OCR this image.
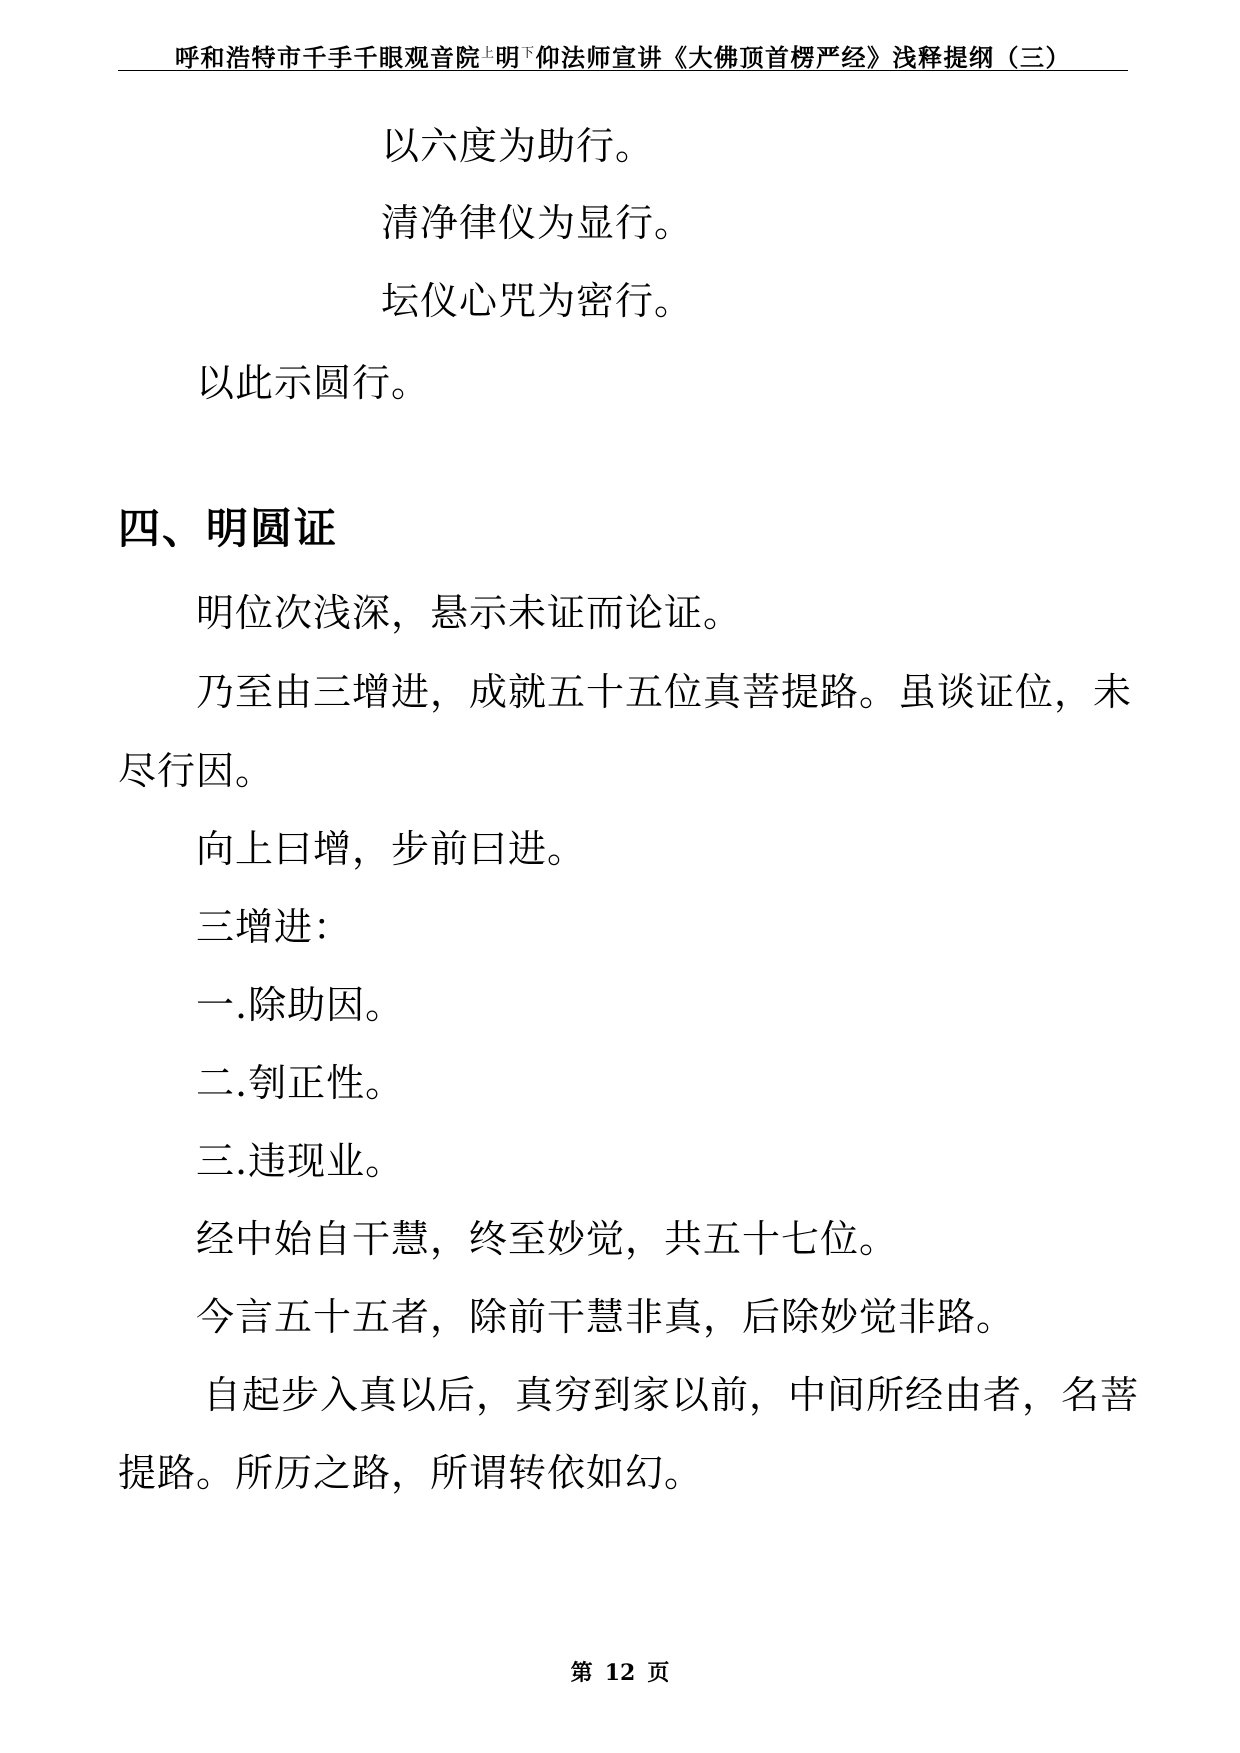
呼和浩特市千手千眼观音院$^上$明$^下$仰法师宣讲《大佛顶首楞严经》浅释提纲（三）
以六度为助行。
清净律仪为显行。
坛仪心咒为密行。
以此示圆行。
四、明圆证
明位次浅深，悬示未证而论证。
乃至由三增进，成就五十五位真菩提路。虽谈证位，未
尽行因。
向上曰增，步前曰进。
三增进：
一.除助因。
二.刳正性。
三.违现业。
经中始自干慧，终至妙觉，共五十七位。
今言五十五者，除前干慧非真，后除妙觉非路。
自起步入真以后，真穷到家以前，中间所经由者，名菩
提路。所历之路，所谓转依如幻。
第 12 页
